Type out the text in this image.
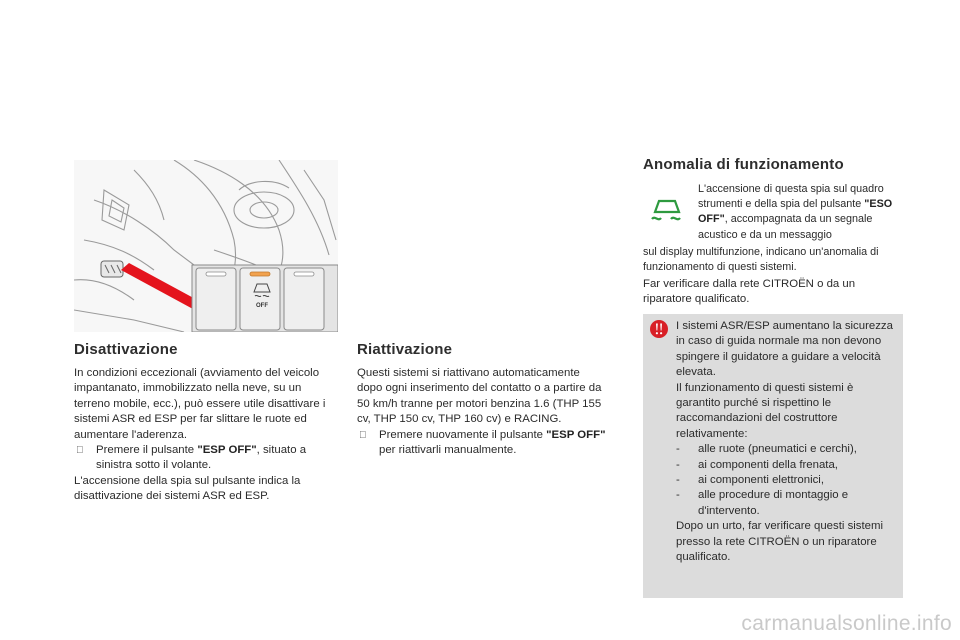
OFF
Disattivazione

In condizioni eccezionali (avviamento del veicolo impantanato, immobilizzato nella neve, su un terreno mobile, ecc.), può essere utile disattivare i sistemi ASR ed ESP per far slittare le ruote ed aumentare l'aderenza.

Premere il pulsante "ESP OFF", situato a sinistra sotto il volante.

L'accensione della spia sul pulsante indica la disattivazione dei sistemi ASR ed ESP.

Riattivazione

Questi sistemi si riattivano automaticamente dopo ogni inserimento del contatto o a partire da 50 km/h tranne per motori benzina 1.6 (THP 155 cv, THP 150 cv, THP 160 cv) e RACING.

Premere nuovamente il pulsante "ESP OFF" per riattivarli manualmente.
Anomalia di funzionamento

L'accensione di questa spia sul quadro strumenti e della spia del pulsante "ESO OFF", accompagnata da un segnale acustico e da un messaggio

sul display multifunzione, indicano un'anomalia di funzionamento di questi sistemi.

Far verificare dalla rete CITROËN o da un riparatore qualificato.

I sistemi ASR/ESP aumentano la sicurezza in caso di guida normale ma non devono spingere il guidatore a guidare a velocità elevata.

Il funzionamento di questi sistemi è garantito purché si rispettino le raccomandazioni del costruttore relativamente:

- alle ruote (pneumatici e cerchi),
- ai componenti della frenata,
- ai componenti elettronici,
- alle procedure di montaggio e d'intervento.

Dopo un urto, far verificare questi sistemi presso la rete CITROËN o un riparatore qualificato.

carmanualsonline.info
